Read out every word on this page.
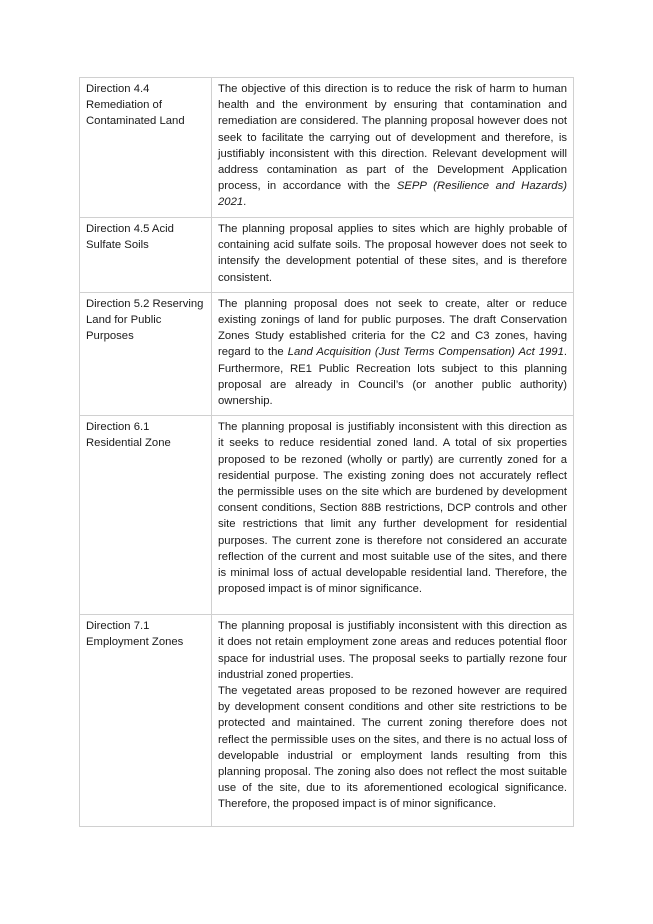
Direction 4.4 Remediation of Contaminated Land	The objective of this direction is to reduce the risk of harm to human health and the environment by ensuring that contamination and remediation are considered. The planning proposal however does not seek to facilitate the carrying out of development and therefore, is justifiably inconsistent with this direction. Relevant development will address contamination as part of the Development Application process, in accordance with the SEPP (Resilience and Hazards) 2021.
Direction 4.5 Acid Sulfate Soils	The planning proposal applies to sites which are highly probable of containing acid sulfate soils. The proposal however does not seek to intensify the development potential of these sites, and is therefore consistent.
Direction 5.2 Reserving Land for Public Purposes	The planning proposal does not seek to create, alter or reduce existing zonings of land for public purposes. The draft Conservation Zones Study established criteria for the C2 and C3 zones, having regard to the Land Acquisition (Just Terms Compensation) Act 1991. Furthermore, RE1 Public Recreation lots subject to this planning proposal are already in Council’s (or another public authority) ownership.
Direction 6.1 Residential Zone	The planning proposal is justifiably inconsistent with this direction as it seeks to reduce residential zoned land. A total of six properties proposed to be rezoned (wholly or partly) are currently zoned for a residential purpose. The existing zoning does not accurately reflect the permissible uses on the site which are burdened by development consent conditions, Section 88B restrictions, DCP controls and other site restrictions that limit any further development for residential purposes. The current zone is therefore not considered an accurate reflection of the current and most suitable use of the sites, and there is minimal loss of actual developable residential land. Therefore, the proposed impact is of minor significance.
Direction 7.1 Employment Zones	The planning proposal is justifiably inconsistent with this direction as it does not retain employment zone areas and reduces potential floor space for industrial uses. The proposal seeks to partially rezone four industrial zoned properties.

The vegetated areas proposed to be rezoned however are required by development consent conditions and other site restrictions to be protected and maintained. The current zoning therefore does not reflect the permissible uses on the sites, and there is no actual loss of developable industrial or employment lands resulting from this planning proposal. The zoning also does not reflect the most suitable use of the site, due to its aforementioned ecological significance. Therefore, the proposed impact is of minor significance.
